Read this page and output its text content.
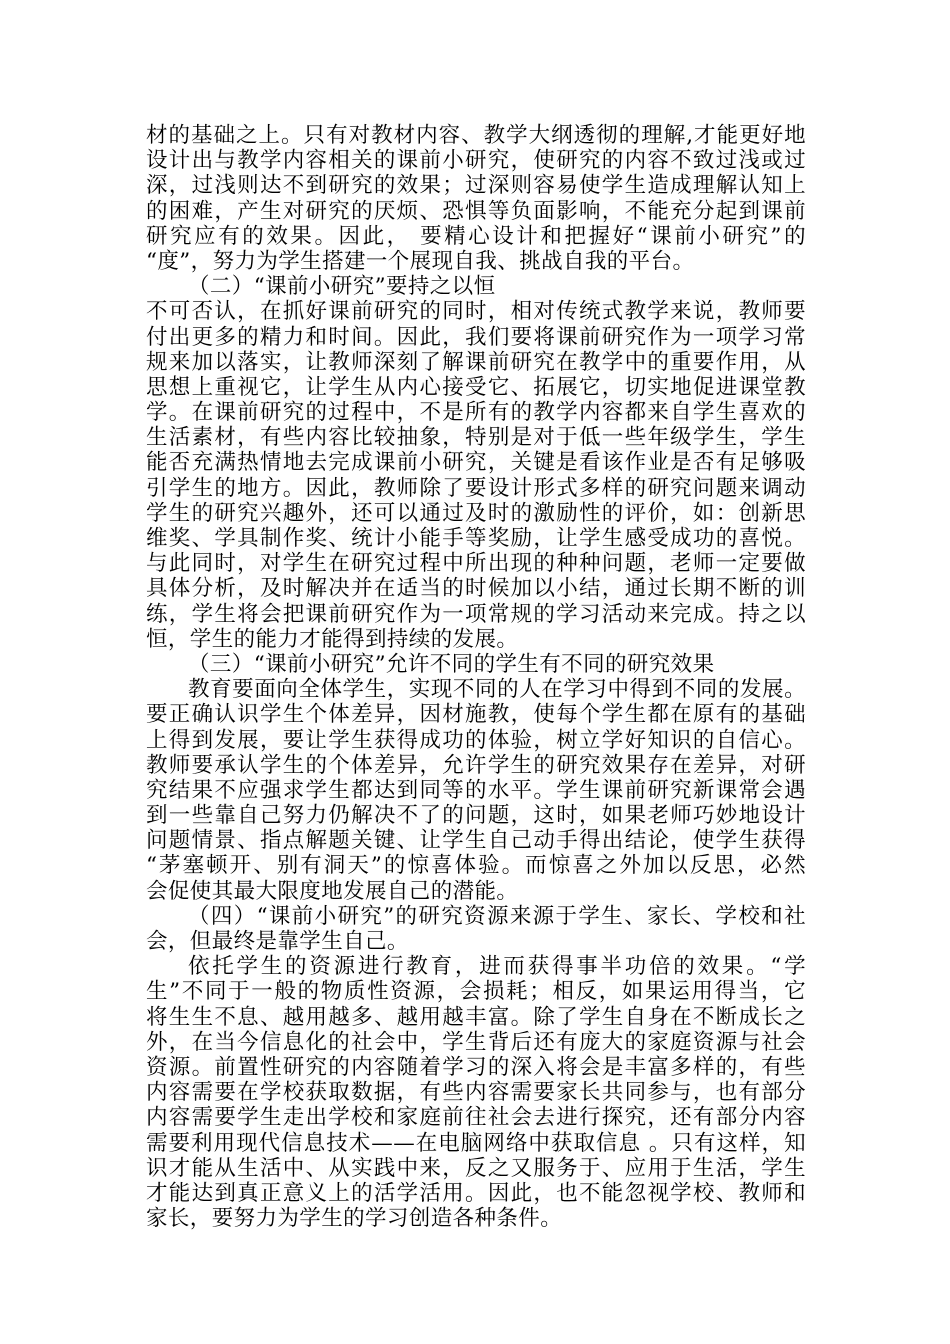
材的基础之上。只有对教材内容、教学大纲透彻的理解,才能更好地
设计出与教学内容相关的课前小研究，使研究的内容不致过浅或过
深，过浅则达不到研究的效果；过深则容易使学生造成理解认知上
的困难，产生对研究的厌烦、恐惧等负面影响，不能充分起到课前
研究应有的效果。因此， 要精心设计和把握好“课前小研究”的
“度”，努力为学生搭建一个展现自我、挑战自我的平台。
（二）“课前小研究”要持之以恒
不可否认，在抓好课前研究的同时，相对传统式教学来说，教师要
付出更多的精力和时间。因此，我们要将课前研究作为一项学习常
规来加以落实，让教师深刻了解课前研究在教学中的重要作用，从
思想上重视它，让学生从内心接受它、拓展它，切实地促进课堂教
学。在课前研究的过程中，不是所有的教学内容都来自学生喜欢的
生活素材，有些内容比较抽象，特别是对于低一些年级学生，学生
能否充满热情地去完成课前小研究，关键是看该作业是否有足够吸
引学生的地方。因此，教师除了要设计形式多样的研究问题来调动
学生的研究兴趣外，还可以通过及时的激励性的评价，如：创新思
维奖、学具制作奖、统计小能手等奖励，让学生感受成功的喜悦。
与此同时，对学生在研究过程中所出现的种种问题，老师一定要做
具体分析，及时解决并在适当的时候加以小结，通过长期不断的训
练，学生将会把课前研究作为一项常规的学习活动来完成。持之以
恒，学生的能力才能得到持续的发展。
（三）“课前小研究”允许不同的学生有不同的研究效果
教育要面向全体学生，实现不同的人在学习中得到不同的发展。
要正确认识学生个体差异，因材施教，使每个学生都在原有的基础
上得到发展，要让学生获得成功的体验，树立学好知识的自信心。
教师要承认学生的个体差异，允许学生的研究效果存在差异，对研
究结果不应强求学生都达到同等的水平。学生课前研究新课常会遇
到一些靠自己努力仍解决不了的问题，这时，如果老师巧妙地设计
问题情景、指点解题关键、让学生自己动手得出结论，使学生获得
“茅塞顿开、别有洞天”的惊喜体验。而惊喜之外加以反思，必然
会促使其最大限度地发展自己的潜能。
（四）“课前小研究”的研究资源来源于学生、家长、学校和社
会，但最终是靠学生自己。
依托学生的资源进行教育，进而获得事半功倍的效果。“学
生”不同于一般的物质性资源，会损耗；相反，如果运用得当，它
将生生不息、越用越多、越用越丰富。除了学生自身在不断成长之
外，在当今信息化的社会中，学生背后还有庞大的家庭资源与社会
资源。前置性研究的内容随着学习的深入将会是丰富多样的，有些
内容需要在学校获取数据，有些内容需要家长共同参与，也有部分
内容需要学生走出学校和家庭前往社会去进行探究，还有部分内容
需要利用现代信息技术——在电脑网络中获取信息 。只有这样，知
识才能从生活中、从实践中来，反之又服务于、应用于生活，学生
才能达到真正意义上的活学活用。因此，也不能忽视学校、教师和
家长，要努力为学生的学习创造各种条件。
